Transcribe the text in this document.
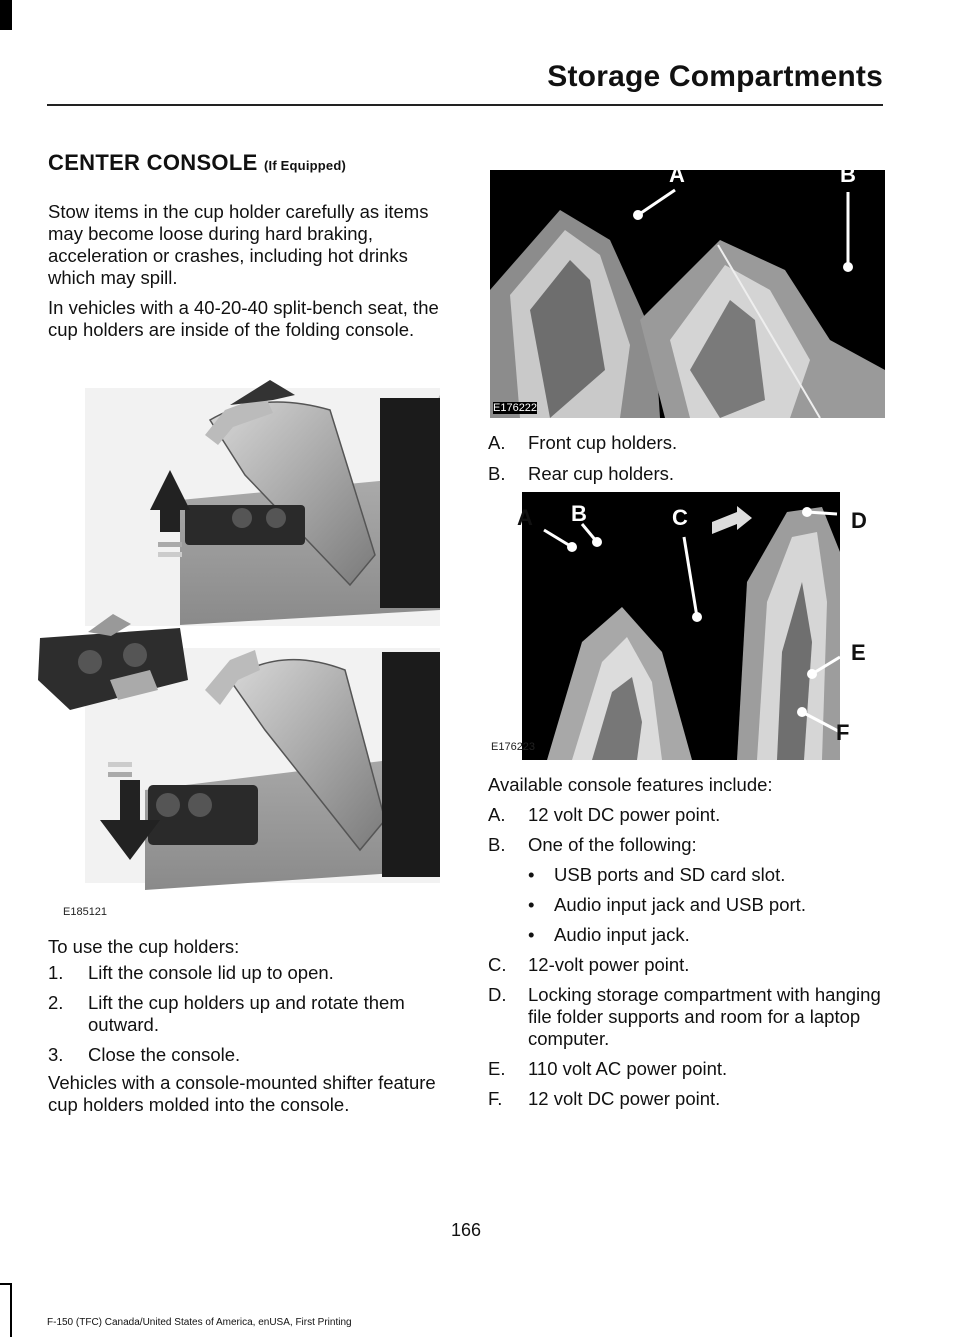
Storage Compartments
CENTER CONSOLE (If Equipped)
Stow items in the cup holder carefully as items may become loose during hard braking, acceleration or crashes, including hot drinks which may spill.
In vehicles with a 40-20-40 split-bench seat, the cup holders are inside of the folding console.
E185121
To use the cup holders:
1. Lift the console lid up to open.
2. Lift the cup holders up and rotate them outward.
3. Close the console.
Vehicles with a console-mounted shifter feature cup holders molded into the console.
A	B
E176222
A. Front cup holders.
B. Rear cup holders.
A B	C	D
E
F
E176223
Available console features include:
A. 12 volt DC power point.
B. One of the following:
• USB ports and SD card slot.
• Audio input jack and USB port.
• Audio input jack.
C. 12-volt power point.
D. Locking storage compartment with hanging file folder supports and room for a laptop computer.
E. 110 volt AC power point.
F. 12 volt DC power point.
166
F-150 (TFC) Canada/United States of America, enUSA, First Printing
